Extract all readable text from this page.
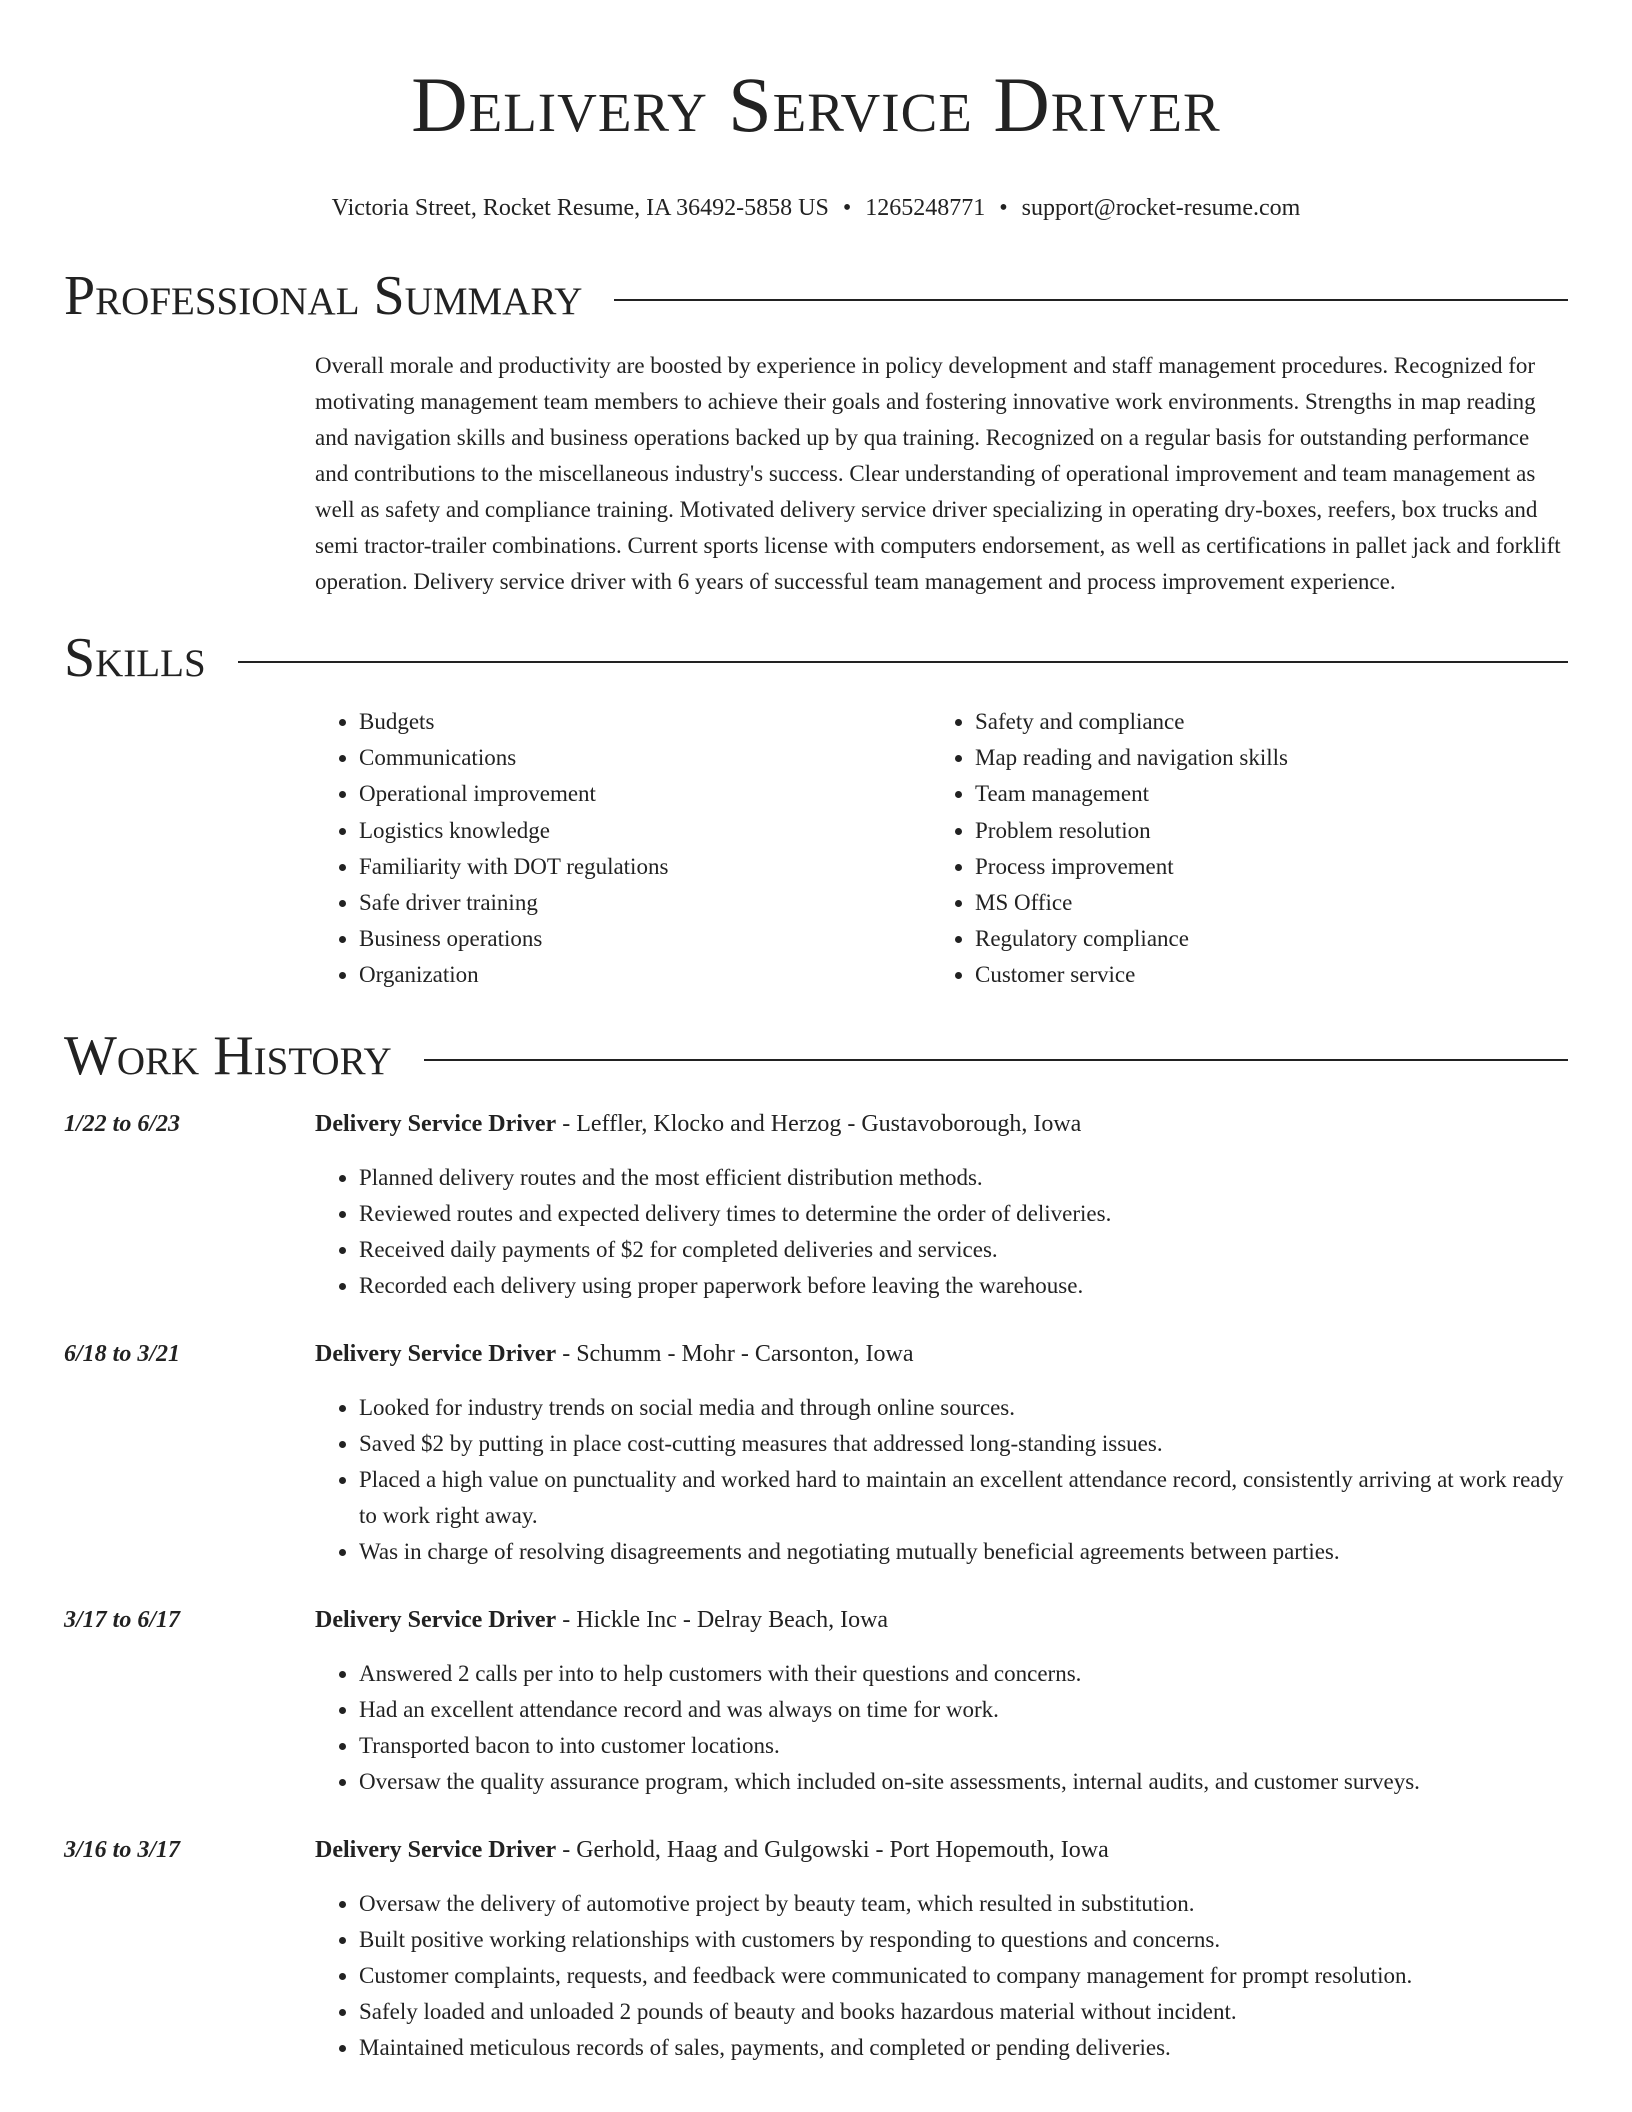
Delivery Service Driver
Victoria Street, Rocket Resume, IA 36492-5858 US • 1265248771 • support@rocket-resume.com
Professional Summary
Overall morale and productivity are boosted by experience in policy development and staff management procedures. Recognized for motivating management team members to achieve their goals and fostering innovative work environments. Strengths in map reading and navigation skills and business operations backed up by qua training. Recognized on a regular basis for outstanding performance and contributions to the miscellaneous industry's success. Clear understanding of operational improvement and team management as well as safety and compliance training. Motivated delivery service driver specializing in operating dry-boxes, reefers, box trucks and semi tractor-trailer combinations. Current sports license with computers endorsement, as well as certifications in pallet jack and forklift operation. Delivery service driver with 6 years of successful team management and process improvement experience.
Skills
• Budgets
• Communications
• Operational improvement
• Logistics knowledge
• Familiarity with DOT regulations
• Safe driver training
• Business operations
• Organization
• Safety and compliance
• Map reading and navigation skills
• Team management
• Problem resolution
• Process improvement
• MS Office
• Regulatory compliance
• Customer service
Work History
1/22 to 6/23	Delivery Service Driver - Leffler, Klocko and Herzog - Gustavoborough, Iowa
• Planned delivery routes and the most efficient distribution methods.
• Reviewed routes and expected delivery times to determine the order of deliveries.
• Received daily payments of $2 for completed deliveries and services.
• Recorded each delivery using proper paperwork before leaving the warehouse.
6/18 to 3/21	Delivery Service Driver - Schumm - Mohr - Carsonton, Iowa
• Looked for industry trends on social media and through online sources.
• Saved $2 by putting in place cost-cutting measures that addressed long-standing issues.
• Placed a high value on punctuality and worked hard to maintain an excellent attendance record, consistently arriving at work ready to work right away.
• Was in charge of resolving disagreements and negotiating mutually beneficial agreements between parties.
3/17 to 6/17	Delivery Service Driver - Hickle Inc - Delray Beach, Iowa
• Answered 2 calls per into to help customers with their questions and concerns.
• Had an excellent attendance record and was always on time for work.
• Transported bacon to into customer locations.
• Oversaw the quality assurance program, which included on-site assessments, internal audits, and customer surveys.
3/16 to 3/17	Delivery Service Driver - Gerhold, Haag and Gulgowski - Port Hopemouth, Iowa
• Oversaw the delivery of automotive project by beauty team, which resulted in substitution.
• Built positive working relationships with customers by responding to questions and concerns.
• Customer complaints, requests, and feedback were communicated to company management for prompt resolution.
• Safely loaded and unloaded 2 pounds of beauty and books hazardous material without incident.
• Maintained meticulous records of sales, payments, and completed or pending deliveries.
